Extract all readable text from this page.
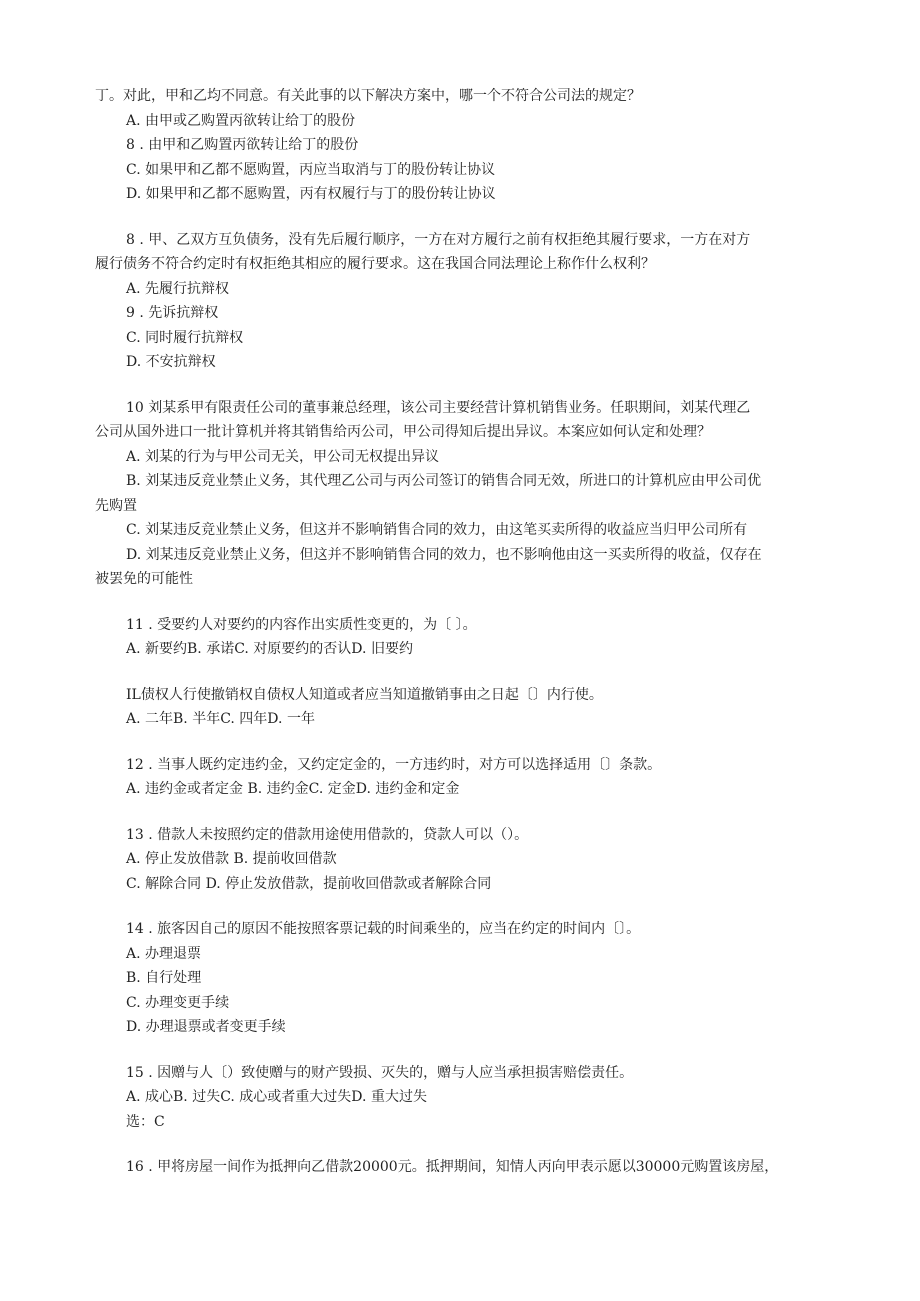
丁。对此，甲和乙均不同意。有关此事的以下解决方案中，哪一个不符合公司法的规定？
A. 由甲或乙购置丙欲转让给丁的股份
8 . 由甲和乙购置丙欲转让给丁的股份
C. 如果甲和乙都不愿购置，丙应当取消与丁的股份转让协议
D. 如果甲和乙都不愿购置，丙有权履行与丁的股份转让协议
8 . 甲、乙双方互负债务，没有先后履行顺序，一方在对方履行之前有权拒绝其履行要求，一方在对方
履行债务不符合约定时有权拒绝其相应的履行要求。这在我国合同法理论上称作什么权利？
A. 先履行抗辩权
9 . 先诉抗辩权
C. 同时履行抗辩权
D. 不安抗辩权
10 刘某系甲有限责任公司的董事兼总经理，该公司主要经营计算机销售业务。任职期间，刘某代理乙
公司从国外进口一批计算机并将其销售给丙公司，甲公司得知后提出异议。本案应如何认定和处理？
A. 刘某的行为与甲公司无关，甲公司无权提出异议
B. 刘某违反竞业禁止义务，其代理乙公司与丙公司签订的销售合同无效，所进口的计算机应由甲公司优
先购置
C. 刘某违反竞业禁止义务，但这并不影响销售合同的效力，由这笔买卖所得的收益应当归甲公司所有
D. 刘某违反竞业禁止义务，但这并不影响销售合同的效力，也不影响他由这一买卖所得的收益，仅存在
被罢免的可能性
11 . 受要约人对要约的内容作出实质性变更的，为〔 〕。
A. 新要约B. 承诺C. 对原要约的否认D. 旧要约
IL债权人行使撤销权自债权人知道或者应当知道撤销事由之日起〔〕内行使。
A. 二年B. 半年C. 四年D. 一年
12 . 当事人既约定违约金，又约定定金的，一方违约时，对方可以选择适用〔〕条款。
A. 违约金或者定金 B. 违约金C. 定金D. 违约金和定金
13 . 借款人未按照约定的借款用途使用借款的，贷款人可以（）。
A. 停止发放借款 B. 提前收回借款
C. 解除合同 D. 停止发放借款，提前收回借款或者解除合同
14 . 旅客因自己的原因不能按照客票记载的时间乘坐的，应当在约定的时间内〔〕。
A. 办理退票
B. 自行处理
C. 办理变更手续
D. 办理退票或者变更手续
15 . 因赠与人〔）致使赠与的财产毁损、灭失的，赠与人应当承担损害赔偿责任。
A. 成心B. 过失C. 成心或者重大过失D. 重大过失
选：C
16 . 甲将房屋一间作为抵押向乙借款20000元。抵押期间，知情人丙向甲表示愿以30000元购置该房屋，
